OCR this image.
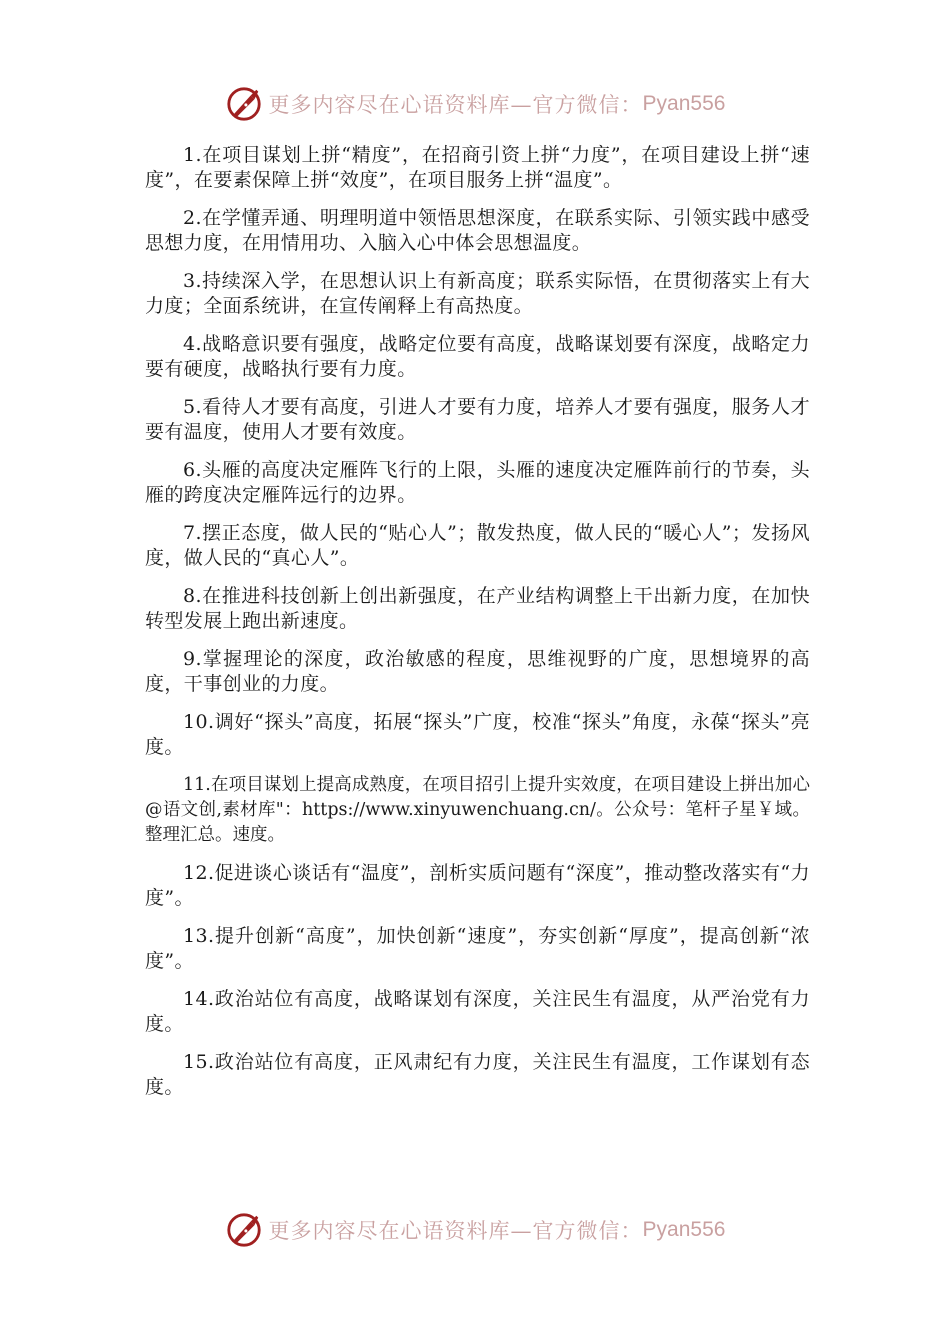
更多内容尽在心语资料库—官方微信： Pyan556

1.在项目谋划上拼“精度”，在招商引资上拼“力度”，在项目建设上拼“速度”，在要素保障上拼“效度”，在项目服务上拼“温度”。

2.在学懂弄通、明理明道中领悟思想深度，在联系实际、引领实践中感受思想力度，在用情用功、入脑入心中体会思想温度。

3.持续深入学，在思想认识上有新高度；联系实际悟，在贯彻落实上有大力度；全面系统讲，在宣传阐释上有高热度。

4.战略意识要有强度，战略定位要有高度，战略谋划要有深度，战略定力要有硬度，战略执行要有力度。

5.看待人才要有高度，引进人才要有力度，培养人才要有强度，服务人才要有温度，使用人才要有效度。

6.头雁的高度决定雁阵飞行的上限，头雁的速度决定雁阵前行的节奏，头雁的跨度决定雁阵远行的边界。

7.摆正态度，做人民的“贴心人”；散发热度，做人民的“暖心人”；发扬风度，做人民的“真心人”。

8.在推进科技创新上创出新强度，在产业结构调整上干出新力度，在加快转型发展上跑出新速度。

9.掌握理论的深度，政治敏感的程度，思维视野的广度，思想境界的高度，干事创业的力度。

10.调好“探头”高度，拓展“探头”广度，校准“探头”角度，永葆“探头”亮度。

11.在项目谋划上提高成熟度，在项目招引上提升实效度，在项目建设上拼出加心@语文创,素材库"：https://www.xinyuwenchuang.cn/。公众号：笔杆子星￥域。整理汇总。速度。

12.促进谈心谈话有“温度”，剖析实质问题有“深度”，推动整改落实有“力度”。

13.提升创新“高度”，加快创新“速度”，夯实创新“厚度”，提高创新“浓度”。

14.政治站位有高度，战略谋划有深度，关注民生有温度，从严治党有力度。

15.政治站位有高度，正风肃纪有力度，关注民生有温度，工作谋划有态度。

更多内容尽在心语资料库—官方微信： Pyan556
